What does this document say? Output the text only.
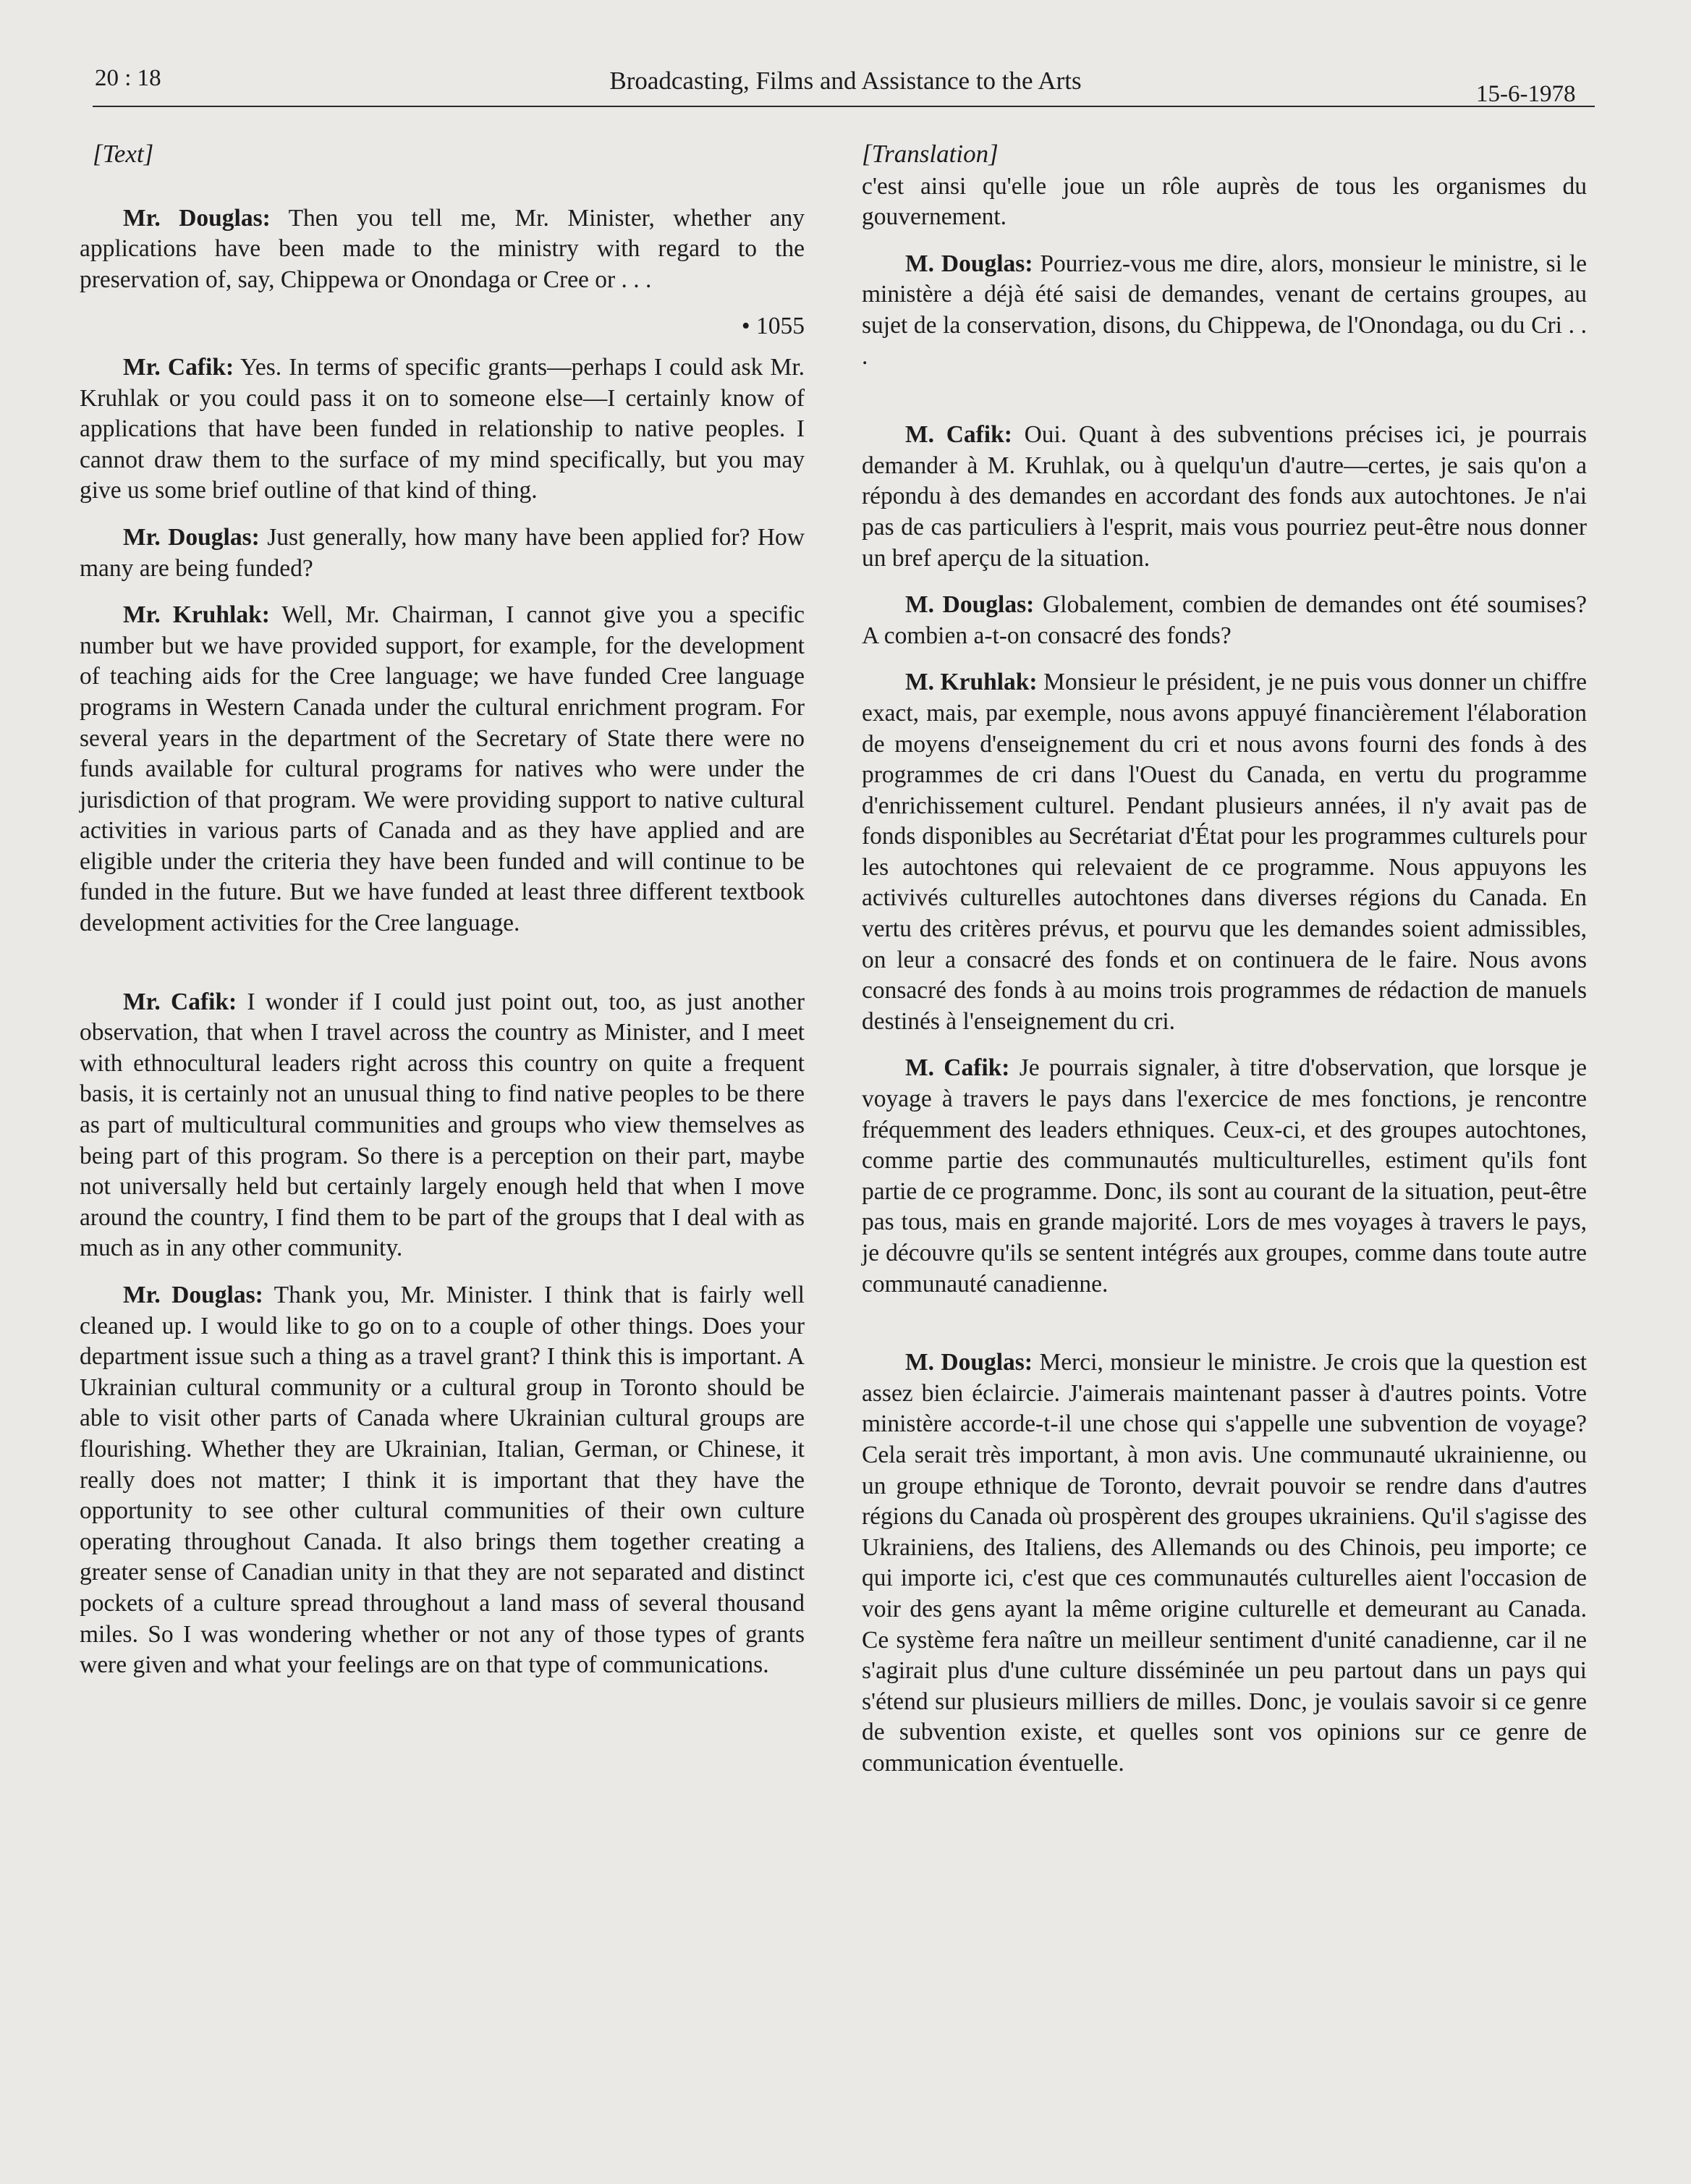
20 : 18	Broadcasting, Films and Assistance to the Arts	15-6-1978
[Text]

Mr. Douglas: Then you tell me, Mr. Minister, whether any applications have been made to the ministry with regard to the preservation of, say, Chippewa or Onondaga or Cree or . . .

• 1055

Mr. Cafik: Yes. In terms of specific grants—perhaps I could ask Mr. Kruhlak or you could pass it on to someone else—I certainly know of applications that have been funded in relationship to native peoples. I cannot draw them to the surface of my mind specifically, but you may give us some brief outline of that kind of thing.

Mr. Douglas: Just generally, how many have been applied for? How many are being funded?

Mr. Kruhlak: Well, Mr. Chairman, I cannot give you a specific number but we have provided support, for example, for the development of teaching aids for the Cree language; we have funded Cree language programs in Western Canada under the cultural enrichment program. For several years in the department of the Secretary of State there were no funds available for cultural programs for natives who were under the jurisdiction of that program. We were providing support to native cultural activities in various parts of Canada and as they have applied and are eligible under the criteria they have been funded and will continue to be funded in the future. But we have funded at least three different textbook development activities for the Cree language.

Mr. Cafik: I wonder if I could just point out, too, as just another observation, that when I travel across the country as Minister, and I meet with ethnocultural leaders right across this country on quite a frequent basis, it is certainly not an unusual thing to find native peoples to be there as part of multicultural communities and groups who view themselves as being part of this program. So there is a perception on their part, maybe not universally held but certainly largely enough held that when I move around the country, I find them to be part of the groups that I deal with as much as in any other community.

Mr. Douglas: Thank you, Mr. Minister. I think that is fairly well cleaned up. I would like to go on to a couple of other things. Does your department issue such a thing as a travel grant? I think this is important. A Ukrainian cultural community or a cultural group in Toronto should be able to visit other parts of Canada where Ukrainian cultural groups are flourishing. Whether they are Ukrainian, Italian, German, or Chinese, it really does not matter; I think it is important that they have the opportunity to see other cultural communities of their own culture operating throughout Canada. It also brings them together creating a greater sense of Canadian unity in that they are not separated and distinct pockets of a culture spread throughout a land mass of several thousand miles. So I was wondering whether or not any of those types of grants were given and what your feelings are on that type of communications.

[Translation]

c'est ainsi qu'elle joue un rôle auprès de tous les organismes du gouvernement.

M. Douglas: Pourriez-vous me dire, alors, monsieur le ministre, si le ministère a déjà été saisi de demandes, venant de certains groupes, au sujet de la conservation, disons, du Chippewa, de l'Onondaga, ou du Cri . . .

M. Cafik: Oui. Quant à des subventions précises ici, je pourrais demander à M. Kruhlak, ou à quelqu'un d'autre—certes, je sais qu'on a répondu à des demandes en accordant des fonds aux autochtones. Je n'ai pas de cas particuliers à l'esprit, mais vous pourriez peut-être nous donner un bref aperçu de la situation.

M. Douglas: Globalement, combien de demandes ont été soumises? A combien a-t-on consacré des fonds?

M. Kruhlak: Monsieur le président, je ne puis vous donner un chiffre exact, mais, par exemple, nous avons appuyé financièrement l'élaboration de moyens d'enseignement du cri et nous avons fourni des fonds à des programmes de cri dans l'Ouest du Canada, en vertu du programme d'enrichissement culturel. Pendant plusieurs années, il n'y avait pas de fonds disponibles au Secrétariat d'État pour les programmes culturels pour les autochtones qui relevaient de ce programme. Nous appuyons les activivés culturelles autochtones dans diverses régions du Canada. En vertu des critères prévus, et pourvu que les demandes soient admissibles, on leur a consacré des fonds et on continuera de le faire. Nous avons consacré des fonds à au moins trois programmes de rédaction de manuels destinés à l'enseignement du cri.

M. Cafik: Je pourrais signaler, à titre d'observation, que lorsque je voyage à travers le pays dans l'exercice de mes fonctions, je rencontre fréquemment des leaders ethniques. Ceux-ci, et des groupes autochtones, comme partie des communautés multiculturelles, estiment qu'ils font partie de ce programme. Donc, ils sont au courant de la situation, peut-être pas tous, mais en grande majorité. Lors de mes voyages à travers le pays, je découvre qu'ils se sentent intégrés aux groupes, comme dans toute autre communauté canadienne.

M. Douglas: Merci, monsieur le ministre. Je crois que la question est assez bien éclaircie. J'aimerais maintenant passer à d'autres points. Votre ministère accorde-t-il une chose qui s'appelle une subvention de voyage? Cela serait très important, à mon avis. Une communauté ukrainienne, ou un groupe ethnique de Toronto, devrait pouvoir se rendre dans d'autres régions du Canada où prospèrent des groupes ukrainiens. Qu'il s'agisse des Ukrainiens, des Italiens, des Allemands ou des Chinois, peu importe; ce qui importe ici, c'est que ces communautés culturelles aient l'occasion de voir des gens ayant la même origine culturelle et demeurant au Canada. Ce système fera naître un meilleur sentiment d'unité canadienne, car il ne s'agirait plus d'une culture disséminée un peu partout dans un pays qui s'étend sur plusieurs milliers de milles. Donc, je voulais savoir si ce genre de subvention existe, et quelles sont vos opinions sur ce genre de communication éventuelle.
